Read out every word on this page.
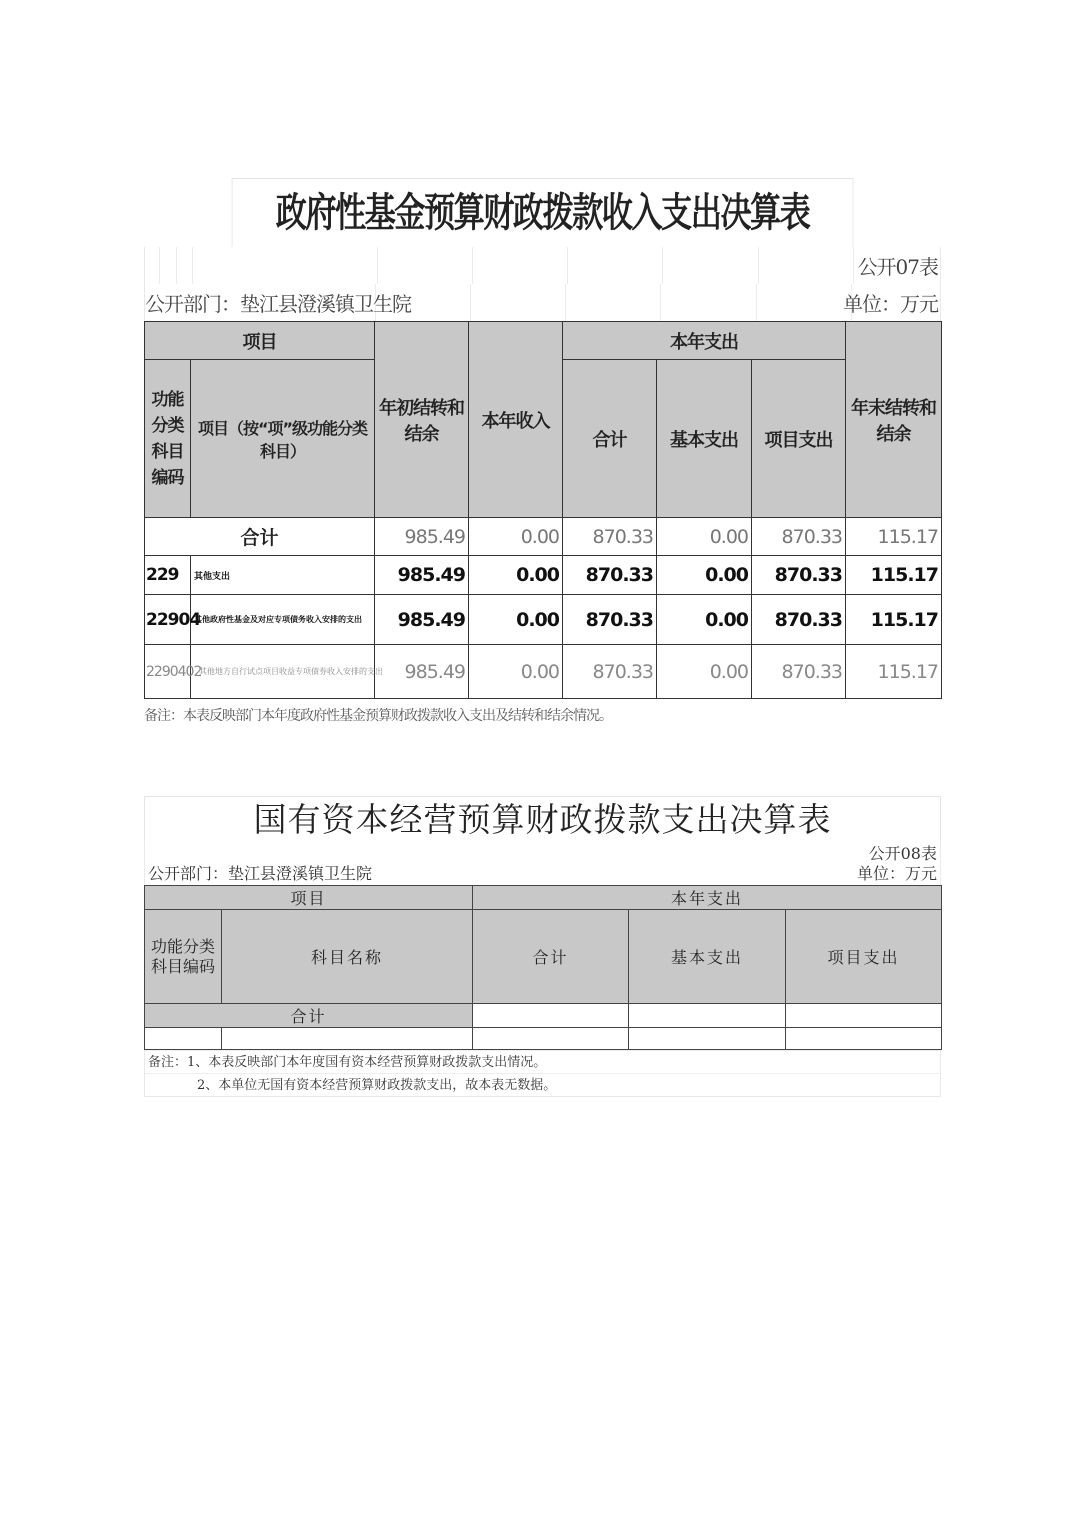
政府性基金预算财政拨款收入支出决算表
公开07表
公开部门：垫江县澄溪镇卫生院	单位：万元
项目		年初结转和结余	本年收入	本年支出			年末结转和结余
功能分类科目编码	项目（按“项”级功能分类科目）			合计	基本支出	项目支出	
合计		985.49	0.00	870.33	0.00	870.33	115.17
229	其他支出	985.49	0.00	870.33	0.00	870.33	115.17
22904	其他政府性基金及对应专项债务收入安排的支出	985.49	0.00	870.33	0.00	870.33	115.17
2290402	其他地方自行试点项目收益专项债券收入安排的支出	985.49	0.00	870.33	0.00	870.33	115.17
备注：本表反映部门本年度政府性基金预算财政拨款收入支出及结转和结余情况。
国有资本经营预算财政拨款支出决算表
公开08表
公开部门：垫江县澄溪镇卫生院	单位：万元
项目		本年支出		
功能分类科目编码	科目名称	合计	基本支出	项目支出
合计				

备注：1、本表反映部门本年度国有资本经营预算财政拨款支出情况。
2、本单位无国有资本经营预算财政拨款支出，故本表无数据。
